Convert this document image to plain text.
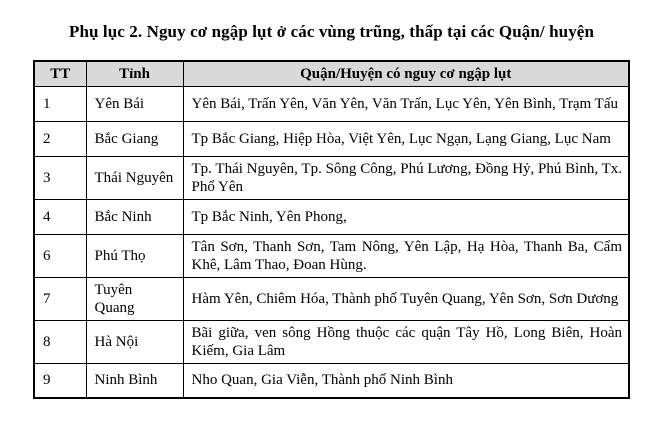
Phụ lục 2. Nguy cơ ngập lụt ở các vùng trũng, thấp tại các Quận/ huyện
TT	Tỉnh	Quận/Huyện có nguy cơ ngập lụt
1	Yên Bái	Yên Bái, Trấn Yên, Văn Yên, Văn Trấn, Lục Yên, Yên Bình, Trạm Tấu
2	Bắc Giang	Tp Bắc Giang, Hiệp Hòa, Việt Yên, Lục Ngạn, Lạng Giang, Lục Nam
3	Thái Nguyên	Tp. Thái Nguyên, Tp. Sông Công, Phú Lương, Đồng Hỷ, Phú Bình, Tx. Phổ Yên
4	Bắc Ninh	Tp Bắc Ninh, Yên Phong,
6	Phú Thọ	Tân Sơn, Thanh Sơn, Tam Nông, Yên Lập, Hạ Hòa, Thanh Ba, Cẩm Khê, Lâm Thao, Đoan Hùng.
7	Tuyên Quang	Hàm Yên, Chiêm Hóa, Thành phố Tuyên Quang, Yên Sơn, Sơn Dương
8	Hà Nội	Bãi giữa, ven sông Hồng thuộc các quận Tây Hồ, Long Biên, Hoàn Kiếm, Gia Lâm
9	Ninh Bình	Nho Quan, Gia Viễn, Thành phố Ninh Bình
